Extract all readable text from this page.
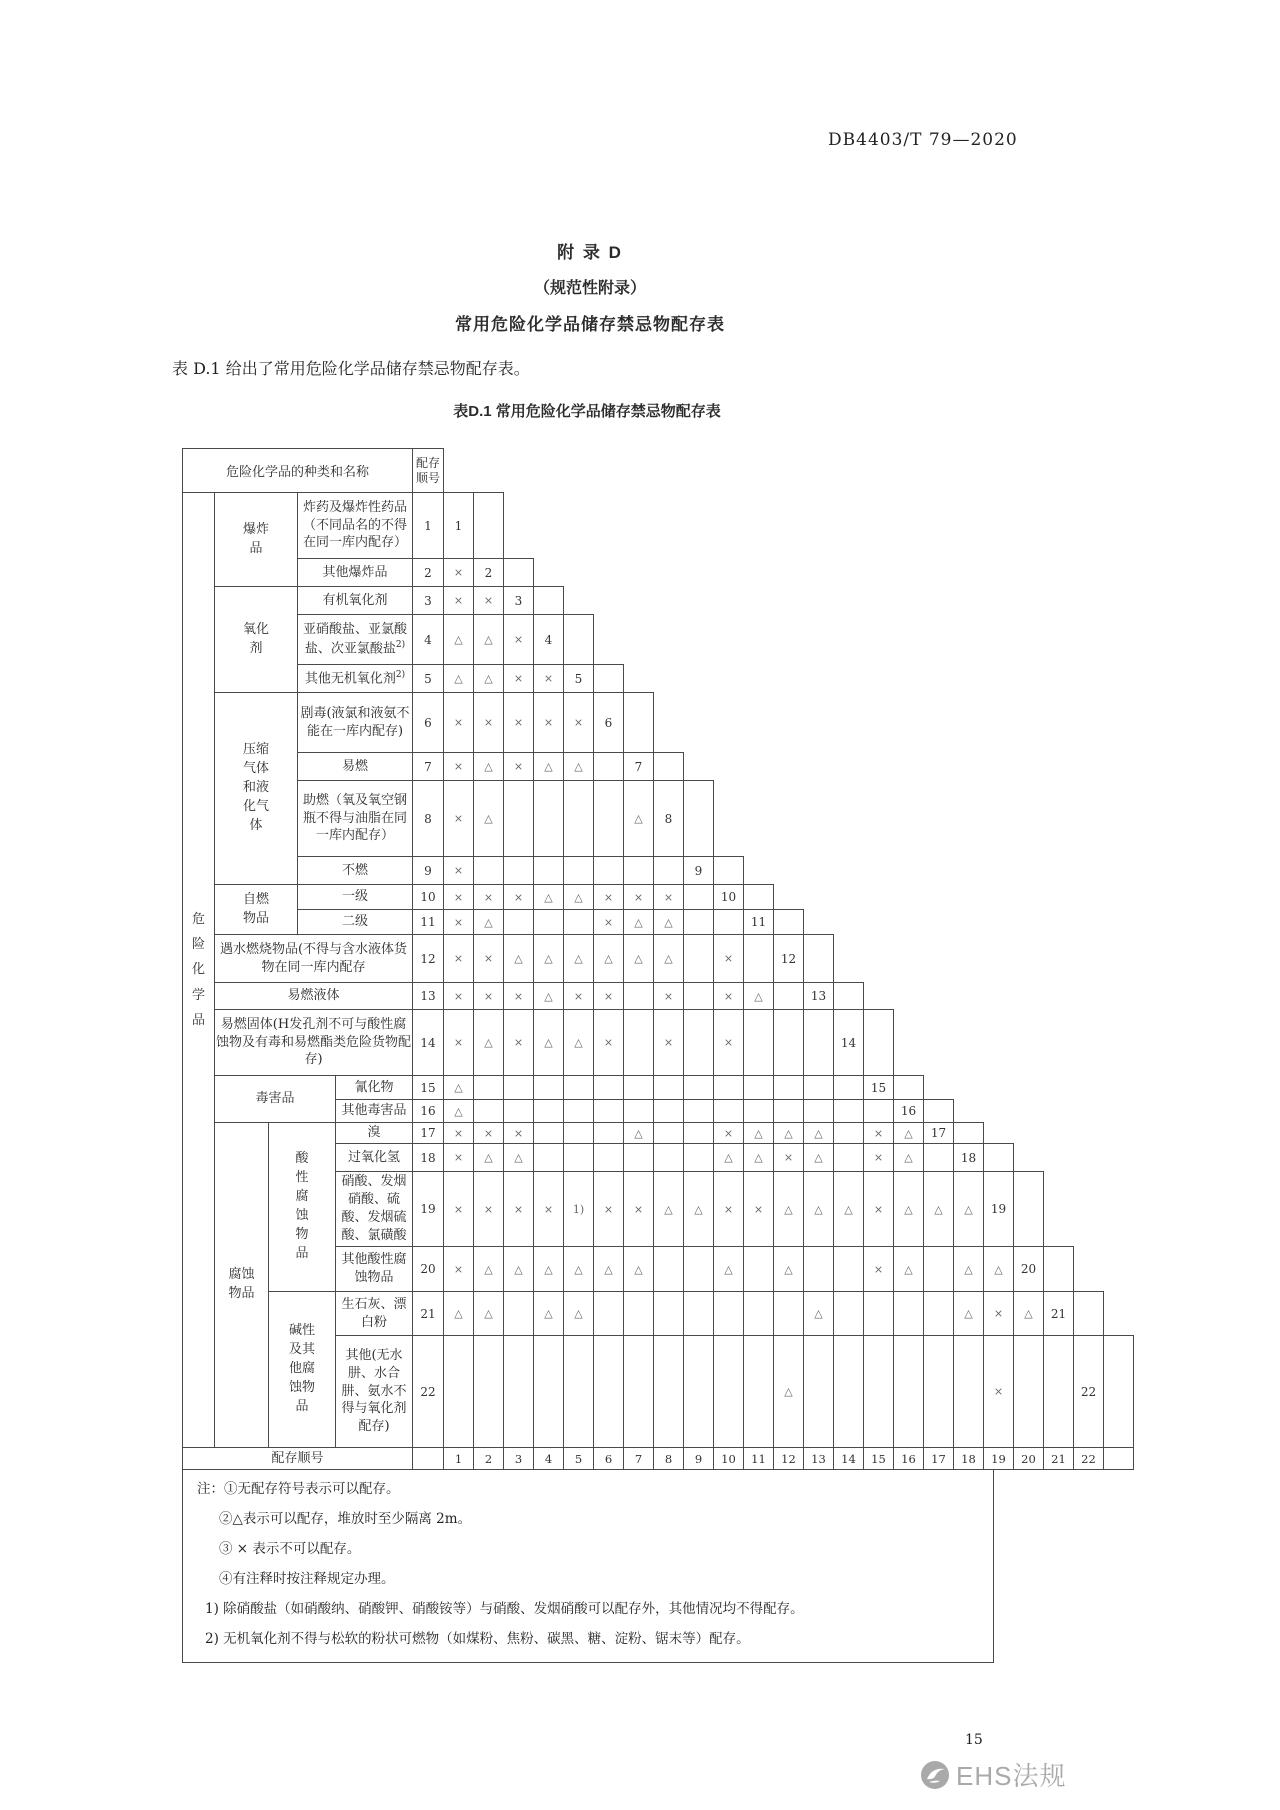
DB4403/T 79—2020
附 录 D
（规范性附录）
常用危险化学品储存禁忌物配存表
表 D.1 给出了常用危险化学品储存禁忌物配存表。
表D.1 常用危险化学品储存禁忌物配存表
危险化学品的种类和名称					配存顺号																							
危险化学品	爆炸品		炸药及爆炸性药品（不同品名的不得在同一库内配存）		1	1																						
			其他爆炸品		2	×	2																					
	氧化剂		有机氧化剂		3	×	×	3																				
			亚硝酸盐、亚氯酸盐、次亚氯酸盐$^{2)}$		4	△	△	×	4																			
			其他无机氧化剂$^{2)}$		5	△	△	×	×	5																		
	压缩气体和液化气体		剧毒(液氯和液氨不能在一库内配存)		6	×	×	×	×	×	6																	
			易燃		7	×	△	×	△	△		7																
			助燃（氧及氧空钢瓶不得与油脂在同一库内配存）		8	×	△					△	8															
			不燃		9	×								9														
	自燃物品		一级		10	×	×	×	△	△	×	×	×		10													
			二级		11	×	△				×	△	△			11												
	遇水燃烧物品(不得与含水液体货物在同一库内配存				12	×	×	△	△	△	△	△	△		×		12											
	易燃液体				13	×	×	×	△	×	×		×		×	△		13										
	易燃固体(H发孔剂不可与酸性腐蚀物及有毒和易燃酯类危险货物配存)				14	×	△	×	△	△	×		×		×				14									
	毒害品			氰化物	15	△														15								
				其他毒害品	16	△															16							
	腐蚀物品	酸性腐蚀物品		溴	17	×	×	×				△			×	△	△	△		×	△	17						
				过氧化氢	18	×	△	△							△	△	×	△		×	△		18					
				硝酸、发烟硝酸、硫酸、发烟硫酸、氯磺酸	19	×	×	×	×	1)	×	×	△	△	×	×	△	△	△	×	△	△	△	19				
				其他酸性腐蚀物品	20	×	△	△	△	△	△	△			△		△			×	△		△	△	20			
		碱性及其他腐蚀物品		生石灰、漂白粉	21	△	△		△	△								△					△	×	△	21		
				其他(无水肼、水合肼、氨水不得与氧化剂配存)	22												△							×			22	
配存顺号						1	2	3	4	5	6	7	8	9	10	11	12	13	14	15	16	17	18	19	20	21	22	
注：①无配存符号表示可以配存。
②△表示可以配存，堆放时至少隔离 2m。
③ × 表示不可以配存。
④有注释时按注释规定办理。
1) 除硝酸盐（如硝酸纳、硝酸钾、硝酸铵等）与硝酸、发烟硝酸可以配存外，其他情况均不得配存。
2) 无机氧化剂不得与松软的粉状可燃物（如煤粉、焦粉、碳黑、糖、淀粉、锯末等）配存。
15
EHS法规
